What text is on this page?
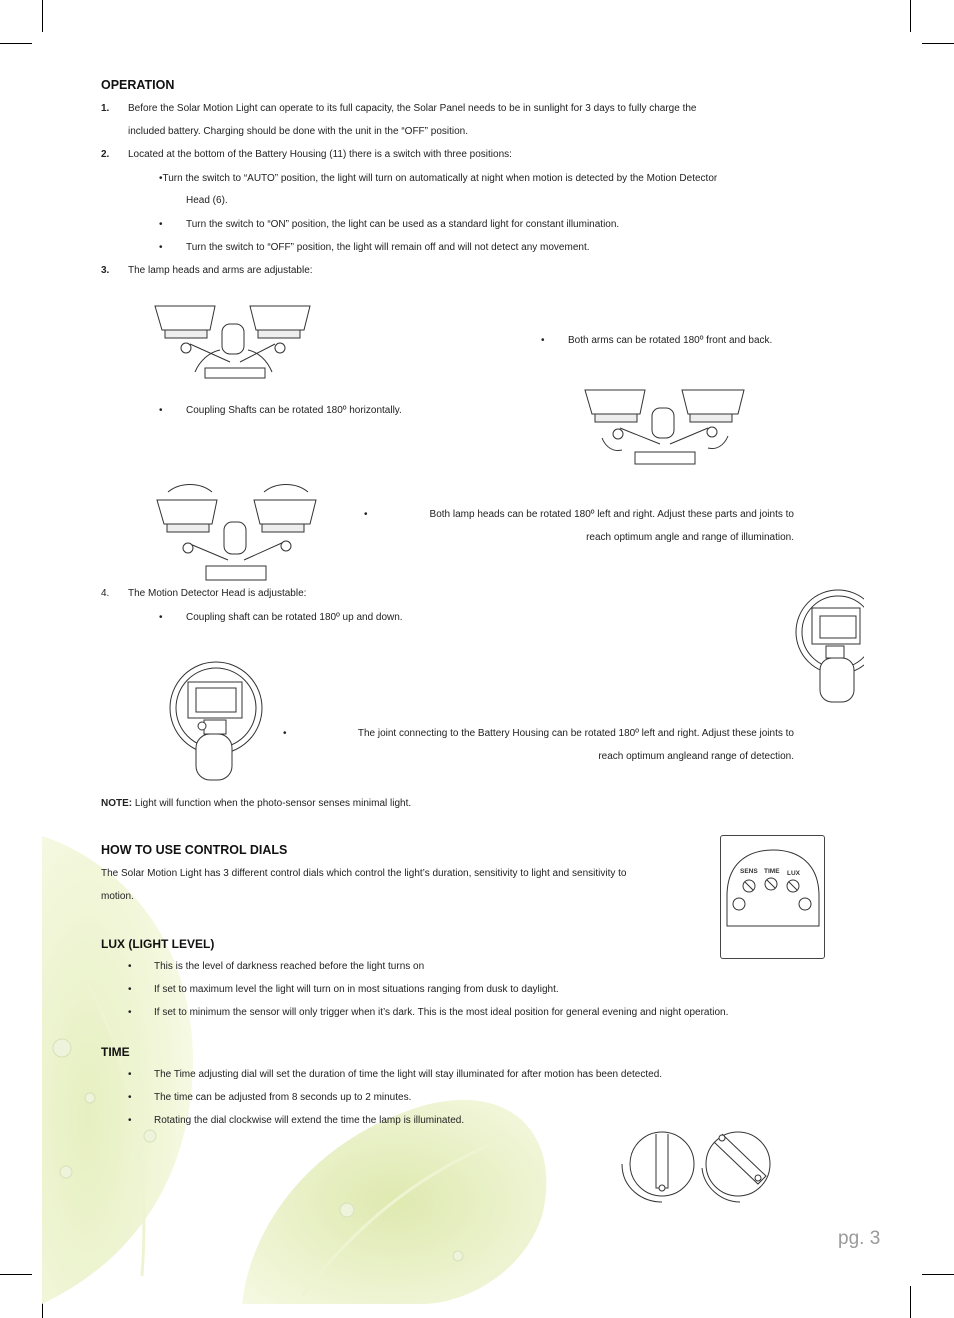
OPERATION
1. Before the Solar Motion Light can operate to its full capacity, the Solar Panel needs to be in sunlight for 3 days to fully charge the
included battery. Charging should be done with the unit in the “OFF” position.
2. Located at the bottom of the Battery Housing (11) there is a switch with three positions:
•Turn the switch to “AUTO” position, the light will turn on automatically at night when motion is detected by the Motion Detector
Head (6).
• Turn the switch to “ON” position, the light can be used as a standard light for constant illumination.
• Turn the switch to “OFF” position, the light will remain off and will not detect any movement.
3. The lamp heads and arms are adjustable:
• Both arms can be rotated 180º front and back.
• Coupling Shafts can be rotated 180º horizontally.
•	Both lamp heads can be rotated 180º left and right. Adjust these parts and joints to
reach optimum angle and range of illumination.
4. The Motion Detector Head is adjustable:
• Coupling shaft can be rotated 180º up and down.
•	The joint connecting to the Battery Housing can be rotated 180º left and right. Adjust these joints to
reach optimum angleand range of detection.
NOTE: Light will function when the photo-sensor senses minimal light.
HOW TO USE CONTROL DIALS
The Solar Motion Light has 3 different control dials which control the light’s duration, sensitivity to light and sensitivity to
motion.
SENS TIME LUX
LUX (LIGHT LEVEL)
• This is the level of darkness reached before the light turns on
• If set to maximum level the light will turn on in most situations ranging from dusk to daylight.
• If set to minimum the sensor will only trigger when it’s dark. This is the most ideal position for general evening and night operation.
TIME
• The Time adjusting dial will set the duration of time the light will stay illuminated for after motion has been detected.
• The time can be adjusted from 8 seconds up to 2 minutes.
• Rotating the dial clockwise will extend the time the lamp is illuminated.
pg. 3
